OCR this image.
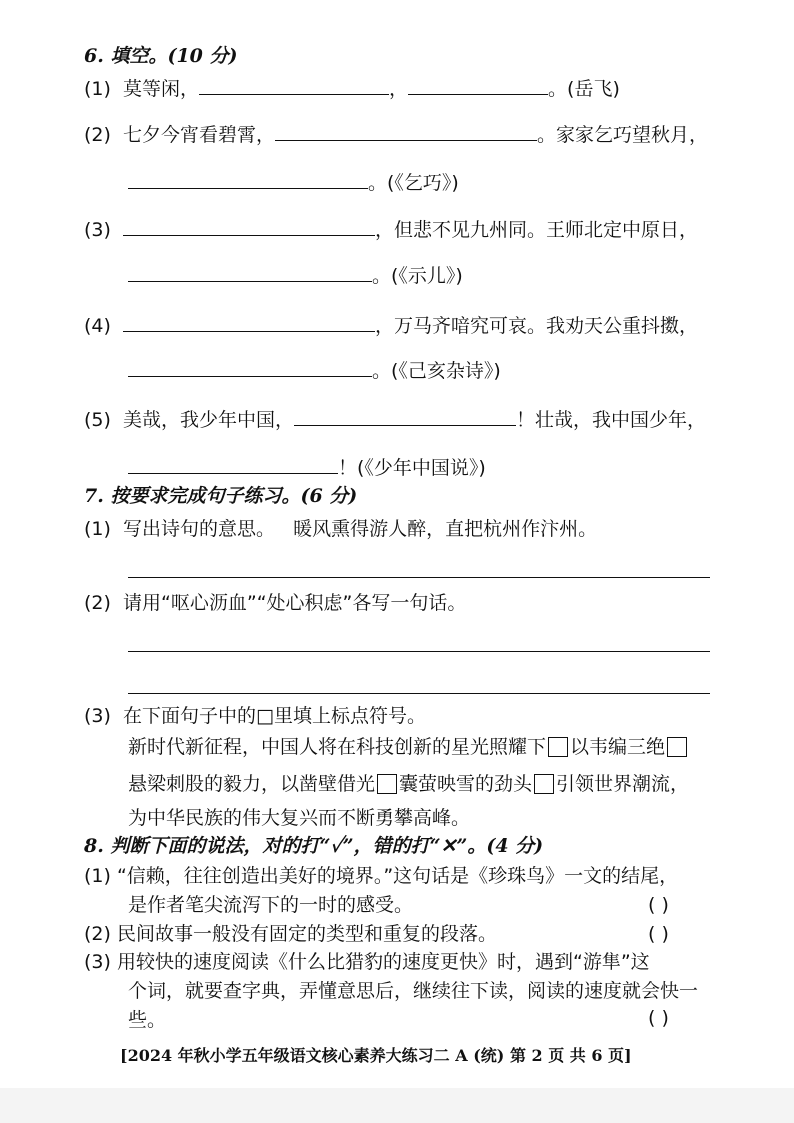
6. 填空。(10 分)
(1) 莫等闲，	，	。(岳飞)
(2) 七夕今宵看碧霄，	。家家乞巧望秋月，
。(《乞巧》)
(3)	，但悲不见九州同。王师北定中原日，
。(《示儿》)
(4)	，万马齐喑究可哀。我劝天公重抖擞，
。(《己亥杂诗》)
(5) 美哉，我少年中国，	！壮哉，我中国少年，
！(《少年中国说》)
7. 按要求完成句子练习。(6 分)
(1) 写出诗句的意思。 暖风熏得游人醉，直把杭州作汴州。
(2) 请用“呕心沥血”“处心积虑”各写一句话。
(3) 在下面句子中的□里填上标点符号。
新时代新征程，中国人将在科技创新的星光照耀下 以韦编三绝
悬梁刺股的毅力，以凿壁借光 囊萤映雪的劲头 引领世界潮流，
为中华民族的伟大复兴而不断勇攀高峰。
8. 判断下面的说法，对的打“✓”，错的打“✕”。(4 分)
(1) “信赖，往往创造出美好的境界。”这句话是《珍珠鸟》一文的结尾，
是作者笔尖流泻下的一时的感受。	( )
(2) 民间故事一般没有固定的类型和重复的段落。	( )
(3) 用较快的速度阅读《什么比猎豹的速度更快》时，遇到“游隼”这
个词，就要查字典，弄懂意思后，继续往下读，阅读的速度就会快一
些。	( )
[2024 年秋小学五年级语文核心素养大练习二 A (统) 第 2 页 共 6 页]
